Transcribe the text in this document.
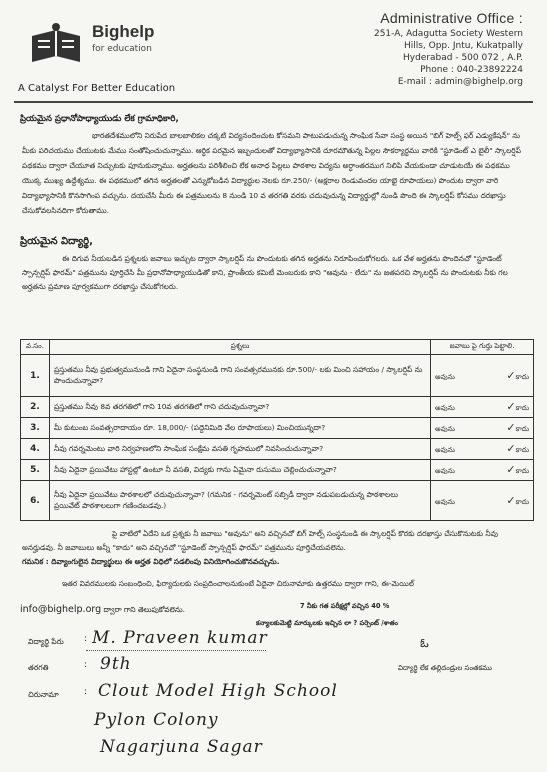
Bighelp
for education
A Catalyst For Better Education
Administrative Office :
251-A, Adagutta Society Western
Hills, Opp. Jntu, Kukatpally
Hyderabad - 500 072 , A.P.
Phone : 040-23892224
E-mail : admin@bighelp.org
ప్రియమైన ప్రధానోపాధ్యాయుడు లేక గ్రామాధికారి,
భారతదేశములోని నిరుపేద బాలబాలికల చక్కటి విద్యనందించుట కోసమని పాటుపడుచున్న సాంఘిక సేవా సంస్థ అయిన "బిగ్ హెల్ప్ ఫర్ ఎడ్యుకేషన్" ను మీకు పరిచయము చేయుటకు మేము సంతోషించుచున్నాము. ఆర్థిక పరమైన ఇబ్బందులతో విద్యాభ్యాసానికి దూరమౌతున్న పిల్లల సౌకర్యార్థము వారికి "స్టూడెంట్ ఎ బైలీ" స్కాలర్షిప్ పథకము ద్వారా చేయూత నిచ్చుటకు పూనుకున్నాము. అర్హతలను పరిశీలించి లేక అనాధ పిల్లలు పాఠశాల విద్యను అర్ధాంతరముగ నిలిపి వేయకుండా చూడుటయే ఈ పథకము యొక్క ముఖ్య ఉద్దేశ్యము. ఈ పథకములో తగిన అర్హతలతో ఎన్నుకోబడిన విద్యార్థుల నెలకు రూ.250/- (అక్షరాల రెండువందల యాభై రూపాయలు) పొందుట ద్వారా వారి విద్యాభ్యాసానికి కొనసాగింప వచ్చును. దయచేసి మీరు ఈ పత్రములను 8 నుండి 10 వ తరగతి వరకు చదువుచున్న విద్యార్థుల్లో నుండి పొంది ఈ స్కాలర్షిప్ కోసము దరఖాస్తు చేసుకోవలసినదిగా కోరుతాము.
ప్రియమైన విద్యార్థి,
ఈ దిగువ నీయబడిన ప్రశ్నలకు జవాబు ఇచ్చుట ద్వారా స్కాలర్షిప్ ను పొందుటకు తగిన అర్హతను నిరూపించుకోగలరు. ఒక వేళ అర్హతను పొందినచో "స్టూడెంట్ స్పాన్సర్షిప్ ఫారమ్" పత్రమును పూర్తిచేసి మీ ప్రధానోపాధ్యాయుడితో కాని, ప్రాంతీయ కమిటీ మెంబరుకు కాని "ఆవును - లేదు" ను జతపరచి స్కాలర్షిప్ ను పొందుటకు నీకు గల అర్హతను ప్రమాణ పూర్వకముగా దరఖాస్తు చేసుకోగలరు.
వ.సం.	ప్రశ్నలు	జవాబు పై గుర్తు పెట్టాలి.
1.	ప్రస్తుతము నీవు ప్రభుత్వమునుండి గాని ఏదైనా సంస్థనుండి గాని సంవత్సరమునకు రూ.500/- లకు మించి సహాయం / స్కాలర్షిప్ ను పొందుచున్నావా?	అవును ✓కాదు

2.	ప్రస్తుతము నీవు 8వ తరగతిలో గాని 10వ తరగతిలో గాని చదువుచున్నావా?	అవును ✓కాదు

3.	మీ కుటుంబ సంవత్సరాదాయం రూ. 18,000/- (పద్దెనిమిది వేల రూపాయలు) మించియున్నదా?	అవును ✓కాదు

4.	నీవు గవర్నమెంటు వారి నిర్వహణలోని సాంఘిక సంక్షేమ వసతి గృహములో నివసించుచున్నావా?	అవును ✓కాదు

5.	నీవు ఏదైనా ప్రయివేటు హాస్టల్లో ఉంటూ నీ వసతి, విద్యకు గాను ఏమైనా రుసుము చెల్లించుచున్నావా?	అవును ✓కాదు

6.	నీవు ఏదైనా ప్రయివేటు పాఠశాలలో చదువుచున్నావా? (గమనిక - గవర్నమెంట్ సబ్సిడీ ద్వారా నడుపబడుచున్న పాఠశాలలు ప్రయివేట్ పాఠశాలలుగా గణించబడవు.)	అవును ✓కాదు
పై వాటిలో ఏదేని ఒక ప్రశ్నకు నీ జవాబు "అవును" అని వచ్చినచో బిగ్ హెల్ప్ సంస్థనుండి ఈ స్కాలర్షిప్ కొరకు దరఖాస్తు చేసుకొనుటకు నీవు అనర్హుడవు. నీ జవాబులు అన్నీ "కాదు" అని వచ్చినచో "స్టూడెంట్ స్పాన్సర్షిప్ ఫారమ్" పత్రమును పూర్తిచేయవలెను.
గమనిక : దివ్యాంగులైన విద్యార్థులు ఈ అర్హత విధిలో సడలింపు వినియోగించుకొనవచ్చును.
ఇతర వివరములకు సంబంధించి, ఫిర్యాదులకు సంప్రదించాలనుకుంటే ఏదైనా చిరునామాకు ఉత్తరము ద్వారా గాని, ఈ-మెయిల్
info@bighelp.org ద్వారా గాని తెలుపుకోవలెను.	7 నీకు గత పరీక్షల్లో వచ్చిన 40 %
కన్యాలకుమెట్టి మార్కులకు ఇచ్చిన లా ? పర్సెంట్ /శాతం
విద్యార్థి పేరు : M. Praveen kumar	ఓ
తరగతి	: 9th	విద్యార్థి లేక తల్లిదండ్రుల సంతకము
చిరునామా	: Clout Model High School
Pylon Colony
Nagarjuna Sagar
